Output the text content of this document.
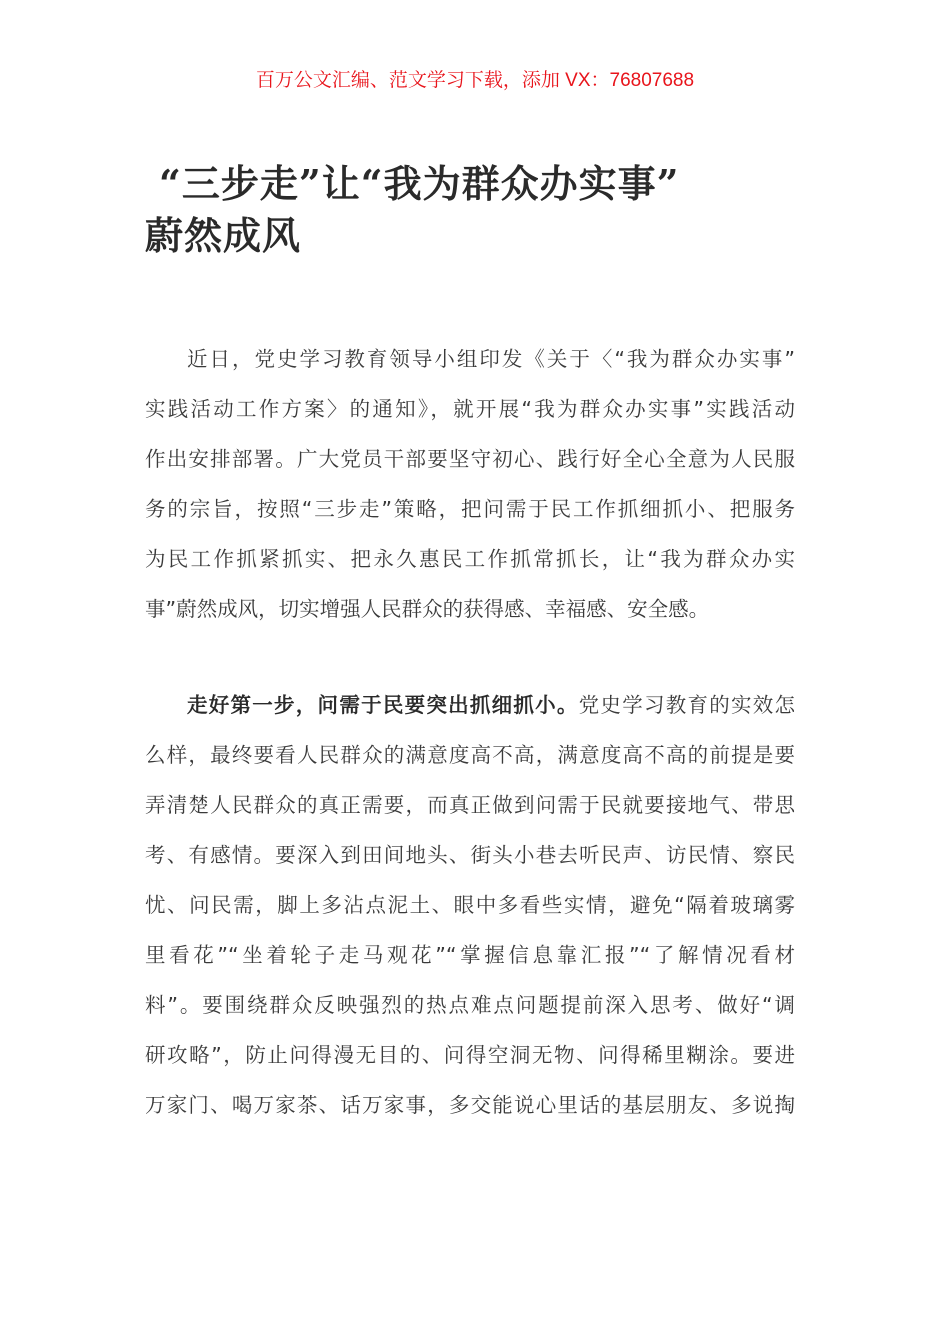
百万公文汇编、范文学习下载，添加 VX：76807688
“三步走”让“我为群众办实事”
蔚然成风
近日，党史学习教育领导小组印发《关于〈“我为群众办实事”
实践活动工作方案〉的通知》，就开展“我为群众办实事”实践活动
作出安排部署。广大党员干部要坚守初心、践行好全心全意为人民服
务的宗旨，按照“三步走”策略，把问需于民工作抓细抓小、把服务
为民工作抓紧抓实、把永久惠民工作抓常抓长，让“我为群众办实
事”蔚然成风，切实增强人民群众的获得感、幸福感、安全感。
走好第一步，问需于民要突出抓细抓小。党史学习教育的实效怎
么样，最终要看人民群众的满意度高不高，满意度高不高的前提是要
弄清楚人民群众的真正需要，而真正做到问需于民就要接地气、带思
考、有感情。要深入到田间地头、街头小巷去听民声、访民情、察民
忧、问民需，脚上多沾点泥土、眼中多看些实情，避免“隔着玻璃雾
里看花”“坐着轮子走马观花”“掌握信息靠汇报”“了解情况看材
料”。要围绕群众反映强烈的热点难点问题提前深入思考、做好“调
研攻略”，防止问得漫无目的、问得空洞无物、问得稀里糊涂。要进
万家门、喝万家茶、话万家事，多交能说心里话的基层朋友、多说掏
